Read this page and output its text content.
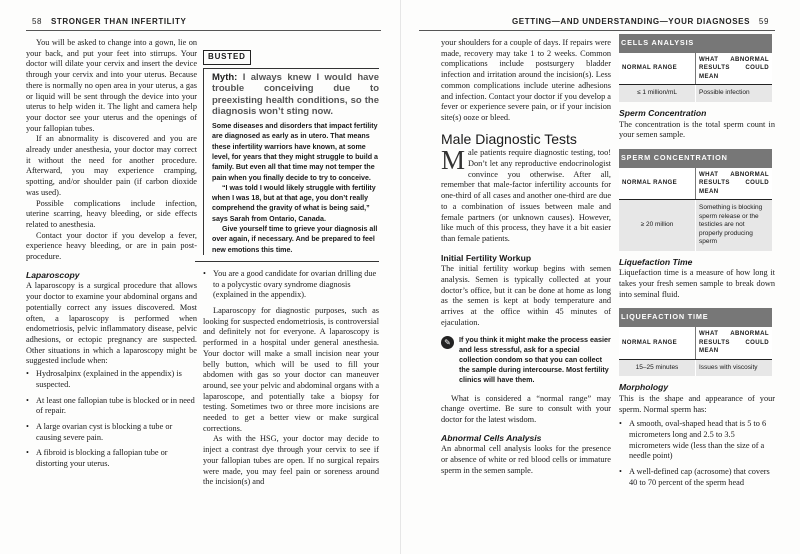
58 STRONGER THAN INFERTILITY

You will be asked to change into a gown, lie on your back, and put your feet into stirrups. Your doctor will dilate your cervix and insert the device through your cervix and into your uterus. Because there is normally no open area in your uterus, a gas or liquid will be sent through the device into your uterus to help widen it. The light and camera help your doctor see your uterus and the openings of your fallopian tubes.

If an abnormality is discovered and you are already under anesthesia, your doctor may correct it without the need for another procedure. Afterward, you may experience cramping, spotting, and/or shoulder pain (if carbon dioxide was used).

Possible complications include infection, uterine scarring, heavy bleeding, or side effects related to anesthesia.

Contact your doctor if you develop a fever, experience heavy bleeding, or are in pain post-procedure.

Laparoscopy

A laparoscopy is a surgical procedure that allows your doctor to examine your abdominal organs and potentially correct any issues discovered. Most often, a laparoscopy is performed when endometriosis, pelvic inflammatory disease, pelvic adhesions, or ectopic pregnancy are suspected. Other situations in which a laparoscopy might be suggested include when:

• Hydrosalpinx (explained in the appendix) is suspected.
• At least one fallopian tube is blocked or in need of repair.
• A large ovarian cyst is blocking a tube or causing severe pain.
• A fibroid is blocking a fallopian tube or distorting your uterus.
BUSTED
Myth: I always knew I would have trouble conceiving due to preexisting health conditions, so the diagnosis won’t sting now.

Some diseases and disorders that impact fertility are diagnosed as early as in utero. That means these infertility warriors have known, at some level, for years that they might struggle to build a family. But even all that time may not temper the pain when you finally decide to try to conceive.

“I was told I would likely struggle with fertility when I was 18, but at that age, you don’t really comprehend the gravity of what is being said,” says Sarah from Ontario, Canada.

Give yourself time to grieve your diagnosis all over again, if necessary. And be prepared to feel new emotions this time.

• You are a good candidate for ovarian drilling due to a polycystic ovary syndrome diagnosis (explained in the appendix).

Laparoscopy for diagnostic purposes, such as looking for suspected endometriosis, is controversial and definitely not for everyone. A laparoscopy is performed in a hospital under general anesthesia. Your doctor will make a small incision near your belly button, which will be used to fill your abdomen with gas so your doctor can maneuver around, see your pelvic and abdominal organs with a laparoscope, and potentially take a biopsy for testing. Sometimes two or three more incisions are needed to get a better view or make surgical corrections.

As with the HSG, your doctor may decide to inject a contrast dye through your cervix to see if your fallopian tubes are open. If no surgical repairs were made, you may feel pain or soreness around the incision(s) and

GETTING—AND UNDERSTANDING—YOUR DIAGNOSES 59

your shoulders for a couple of days. If repairs were made, recovery may take 1 to 2 weeks. Common complications include postsurgery bladder infection and irritation around the incision(s). Less common complications include uterine adhesions and infection. Contact your doctor if you develop a fever or experience severe pain, or if your incision site(s) ooze or bleed.

Male Diagnostic Tests

Male patients require diagnostic testing, too! Don’t let any reproductive endocrinologist convince you otherwise. After all, remember that male-factor infertility accounts for one-third of all cases and another one-third are due to a combination of issues between male and female partners (or unknown causes). However, like much of this process, they have it a bit easier than female patients.

Initial Fertility Workup

The initial fertility workup begins with semen analysis. Semen is typically collected at your doctor’s office, but it can be done at home as long as the semen is kept at body temperature and arrives at the office within 45 minutes of ejaculation.

✎	If you think it might make the process easier and less stressful, ask for a special collection condom so that you can collect the sample during intercourse. Most fertility clinics will have them.

What is considered a “normal range” may change overtime. Be sure to consult with your doctor for the latest wisdom.

Abnormal Cells Analysis

An abnormal cell analysis looks for the presence or absence of white or red blood cells or immature sperm in the semen sample.

CELLS ANALYSIS	
NORMAL RANGE	WHAT ABNORMAL RESULTS COULD MEAN
≤ 1 million/mL	Possible infection
Sperm Concentration

The concentration is the total sperm count in your semen sample.

SPERM CONCENTRATION	
NORMAL RANGE	WHAT ABNORMAL RESULTS COULD MEAN
≥ 20 million	Something is blocking sperm release or the testicles are not properly producing sperm
Liquefaction Time

Liquefaction time is a measure of how long it takes your fresh semen sample to break down into seminal fluid.

LIQUEFACTION TIME	
NORMAL RANGE	WHAT ABNORMAL RESULTS COULD MEAN
15–25 minutes	Issues with viscosity
Morphology

This is the shape and appearance of your sperm. Normal sperm has:

• A smooth, oval-shaped head that is 5 to 6 micrometers long and 2.5 to 3.5 micrometers wide (less than the size of a needle point)
• A well-defined cap (acrosome) that covers 40 to 70 percent of the sperm head
